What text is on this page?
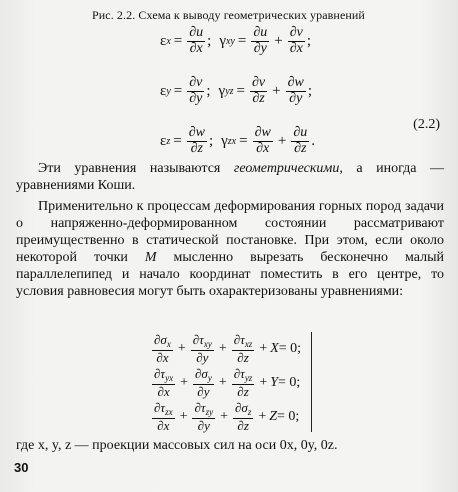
Рис. 2.2. Схема к выводу геометрических уравнений
ε $x = \frac{\partial u}{\partial x}$ ; γ xy = $\frac{\partial u}{\partial y} + \frac{\partial v}{\partial x}$ ;
ε $y = \frac{\partial v}{\partial y}$ ; γ yz = $\frac{\partial v}{\partial z} + \frac{\partial w}{\partial y}$ ;
ε $z = \frac{\partial w}{\partial z}$ ; γ zx = $\frac{\partial w}{\partial x} + \frac{\partial u}{\partial z}$ .
(2.2)

Эти уравнения называются геометрическими, а иногда — уравнениями Коши.

Применительно к процессам деформирования горных пород задачи о напряженно-деформированном состоянии рассматривают преимущественно в статической постановке. При этом, если около некоторой точки M мысленно вырезать бесконечно малый параллелепипед и начало координат поместить в его центре, то условия равновесия могут быть охарактеризованы уравнениями:

$\frac{\partial\sigma_x}{\partial x} + \frac{\partial\tau_{xy}}{\partial y} + \frac{\partial\tau_{xz}}{\partial z} + X = 0$;
$\frac{\partial\tau_{yx}}{\partial x} + \frac{\partial\sigma_y}{\partial y} + \frac{\partial\tau_{yz}}{\partial z} + Y = 0$;
$\frac{\partial\tau_{zx}}{\partial x} + \frac{\partial\tau_{zy}}{\partial y} + \frac{\partial\sigma_z}{\partial z} + Z = 0$;
где x, y, z — проекции массовых сил на оси 0x, 0y, 0z.
30
